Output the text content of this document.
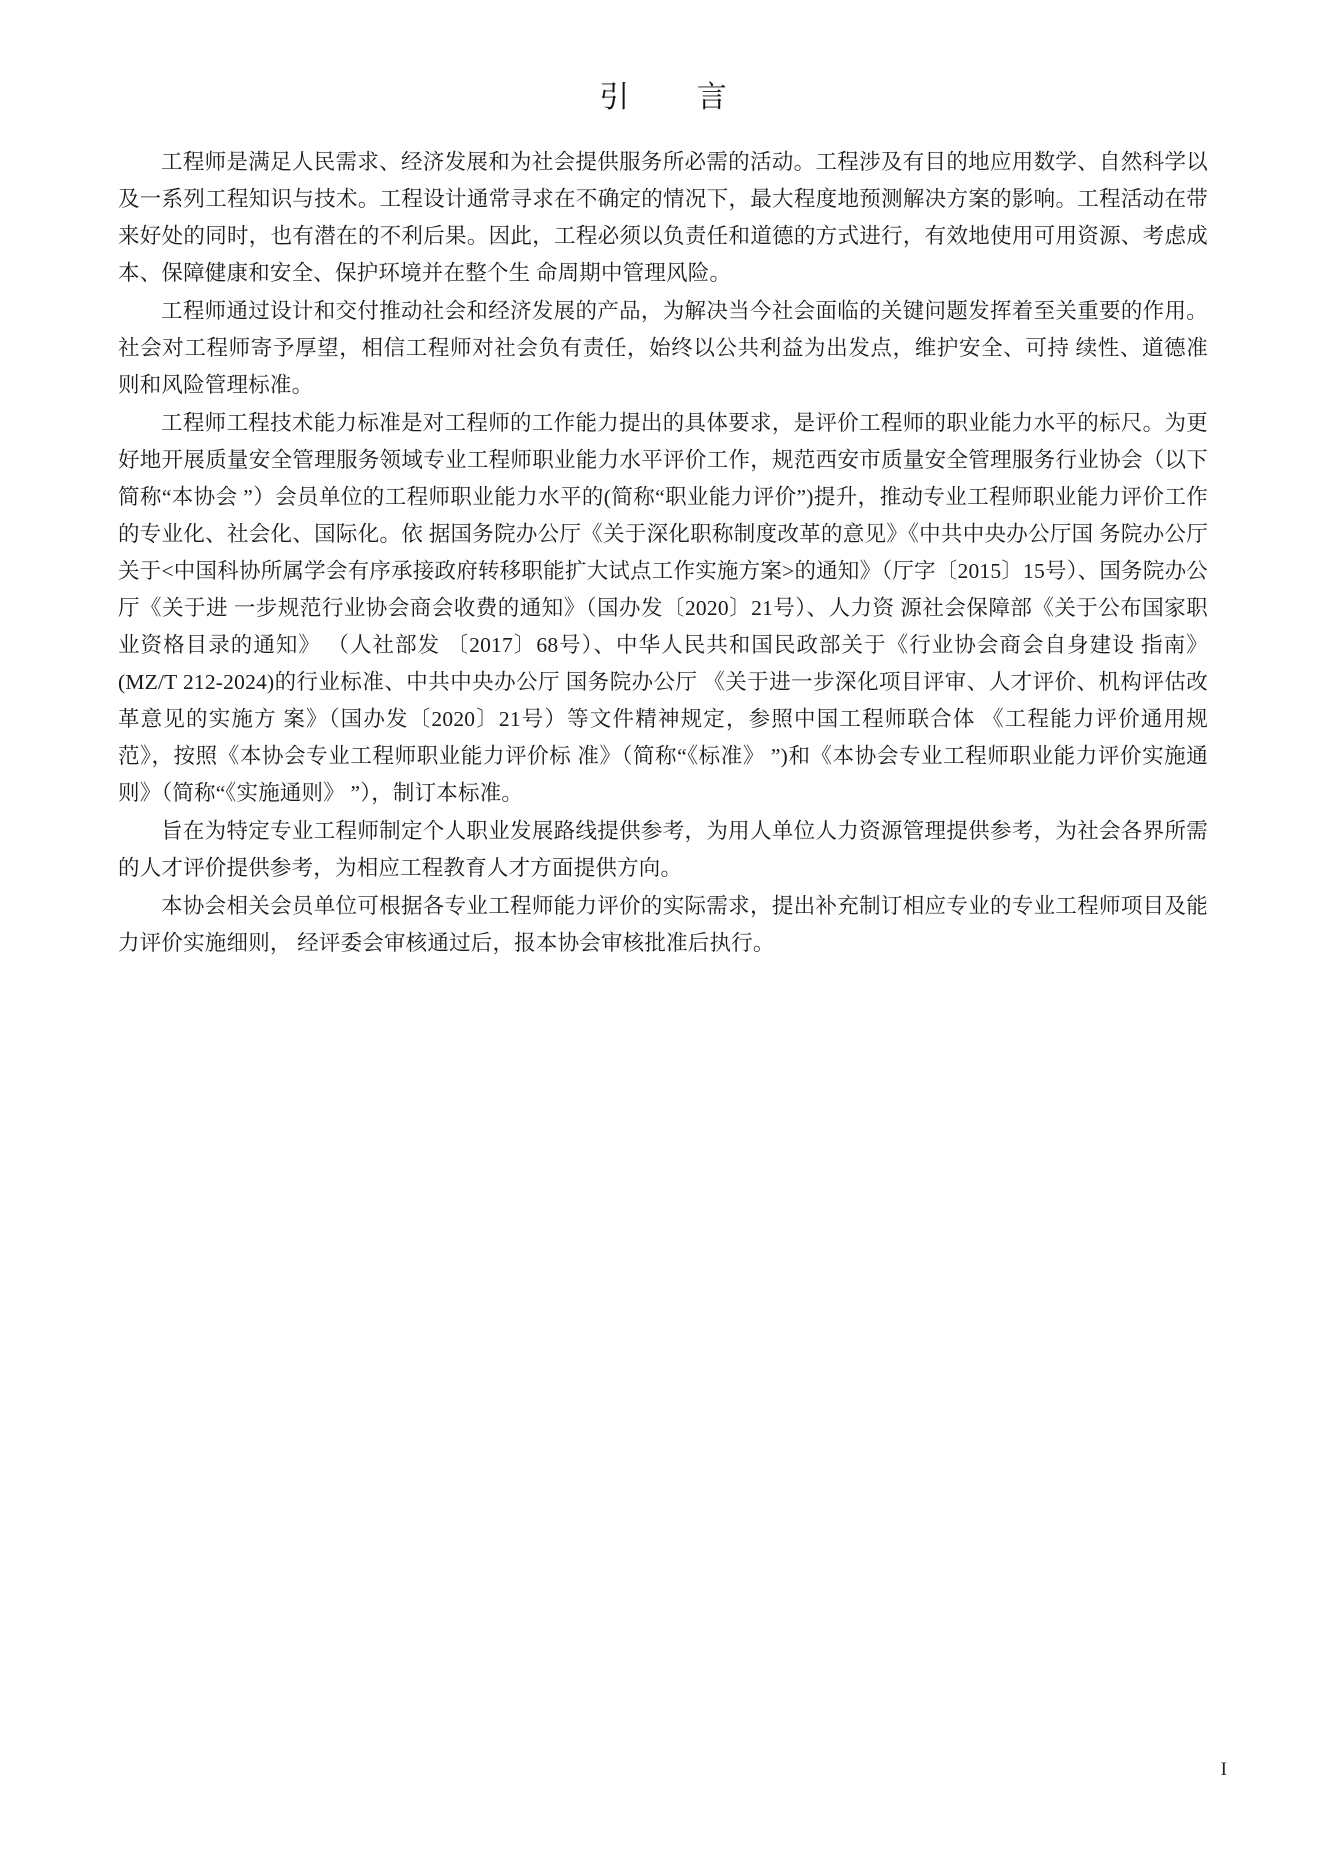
引 言

工程师是满足人民需求、经济发展和为社会提供服务所必需的活动。工程涉及有目的地应用数学、自然科学以及一系列工程知识与技术。工程设计通常寻求在不确定的情况下，最大程度地预测解决方案的影响。工程活动在带来好处的同时，也有潜在的不利后果。因此，工程必须以负责任和道德的方式进行，有效地使用可用资源、考虑成本、保障健康和安全、保护环境并在整个生 命周期中管理风险。

工程师通过设计和交付推动社会和经济发展的产品，为解决当今社会面临的关键问题发挥着至关重要的作用。社会对工程师寄予厚望，相信工程师对社会负有责任，始终以公共利益为出发点，维护安全、可持 续性、道德准则和风险管理标准。

工程师工程技术能力标准是对工程师的工作能力提出的具体要求，是评价工程师的职业能力水平的标尺。为更好地开展质量安全管理服务领域专业工程师职业能力水平评价工作，规范西安市质量安全管理服务行业协会（以下简称“本协会 ”）会员单位的工程师职业能力水平的(简称“职业能力评价”)提升，推动专业工程师职业能力评价工作的专业化、社会化、国际化。依 据国务院办公厅《关于深化职称制度改革的意见》《中共中央办公厅国 务院办公厅关于<中国科协所属学会有序承接政府转移职能扩大试点工作实施方案>的通知》（厅字〔2015〕15号）、国务院办公厅《关于进 一步规范行业协会商会收费的通知》（国办发〔2020〕21号）、人力资 源社会保障部《关于公布国家职业资格目录的通知》 （人社部发 〔2017〕68号）、中华人民共和国民政部关于《行业协会商会自身建设 指南》 (MZ/T 212-2024)的行业标准、中共中央办公厅 国务院办公厅 《关于进一步深化项目评审、人才评价、机构评估改革意见的实施方 案》（国办发〔2020〕21号）等文件精神规定，参照中国工程师联合体 《工程能力评价通用规范》，按照《本协会专业工程师职业能力评价标 准》（简称“《标准》 ”)和《本协会专业工程师职业能力评价实施通则》（简称“《实施通则》 ”），制订本标准。

旨在为特定专业工程师制定个人职业发展路线提供参考，为用人单位人力资源管理提供参考，为社会各界所需的人才评价提供参考，为相应工程教育人才方面提供方向。

本协会相关会员单位可根据各专业工程师能力评价的实际需求，提出补充制订相应专业的专业工程师项目及能力评价实施细则， 经评委会审核通过后，报本协会审核批准后执行。

I
